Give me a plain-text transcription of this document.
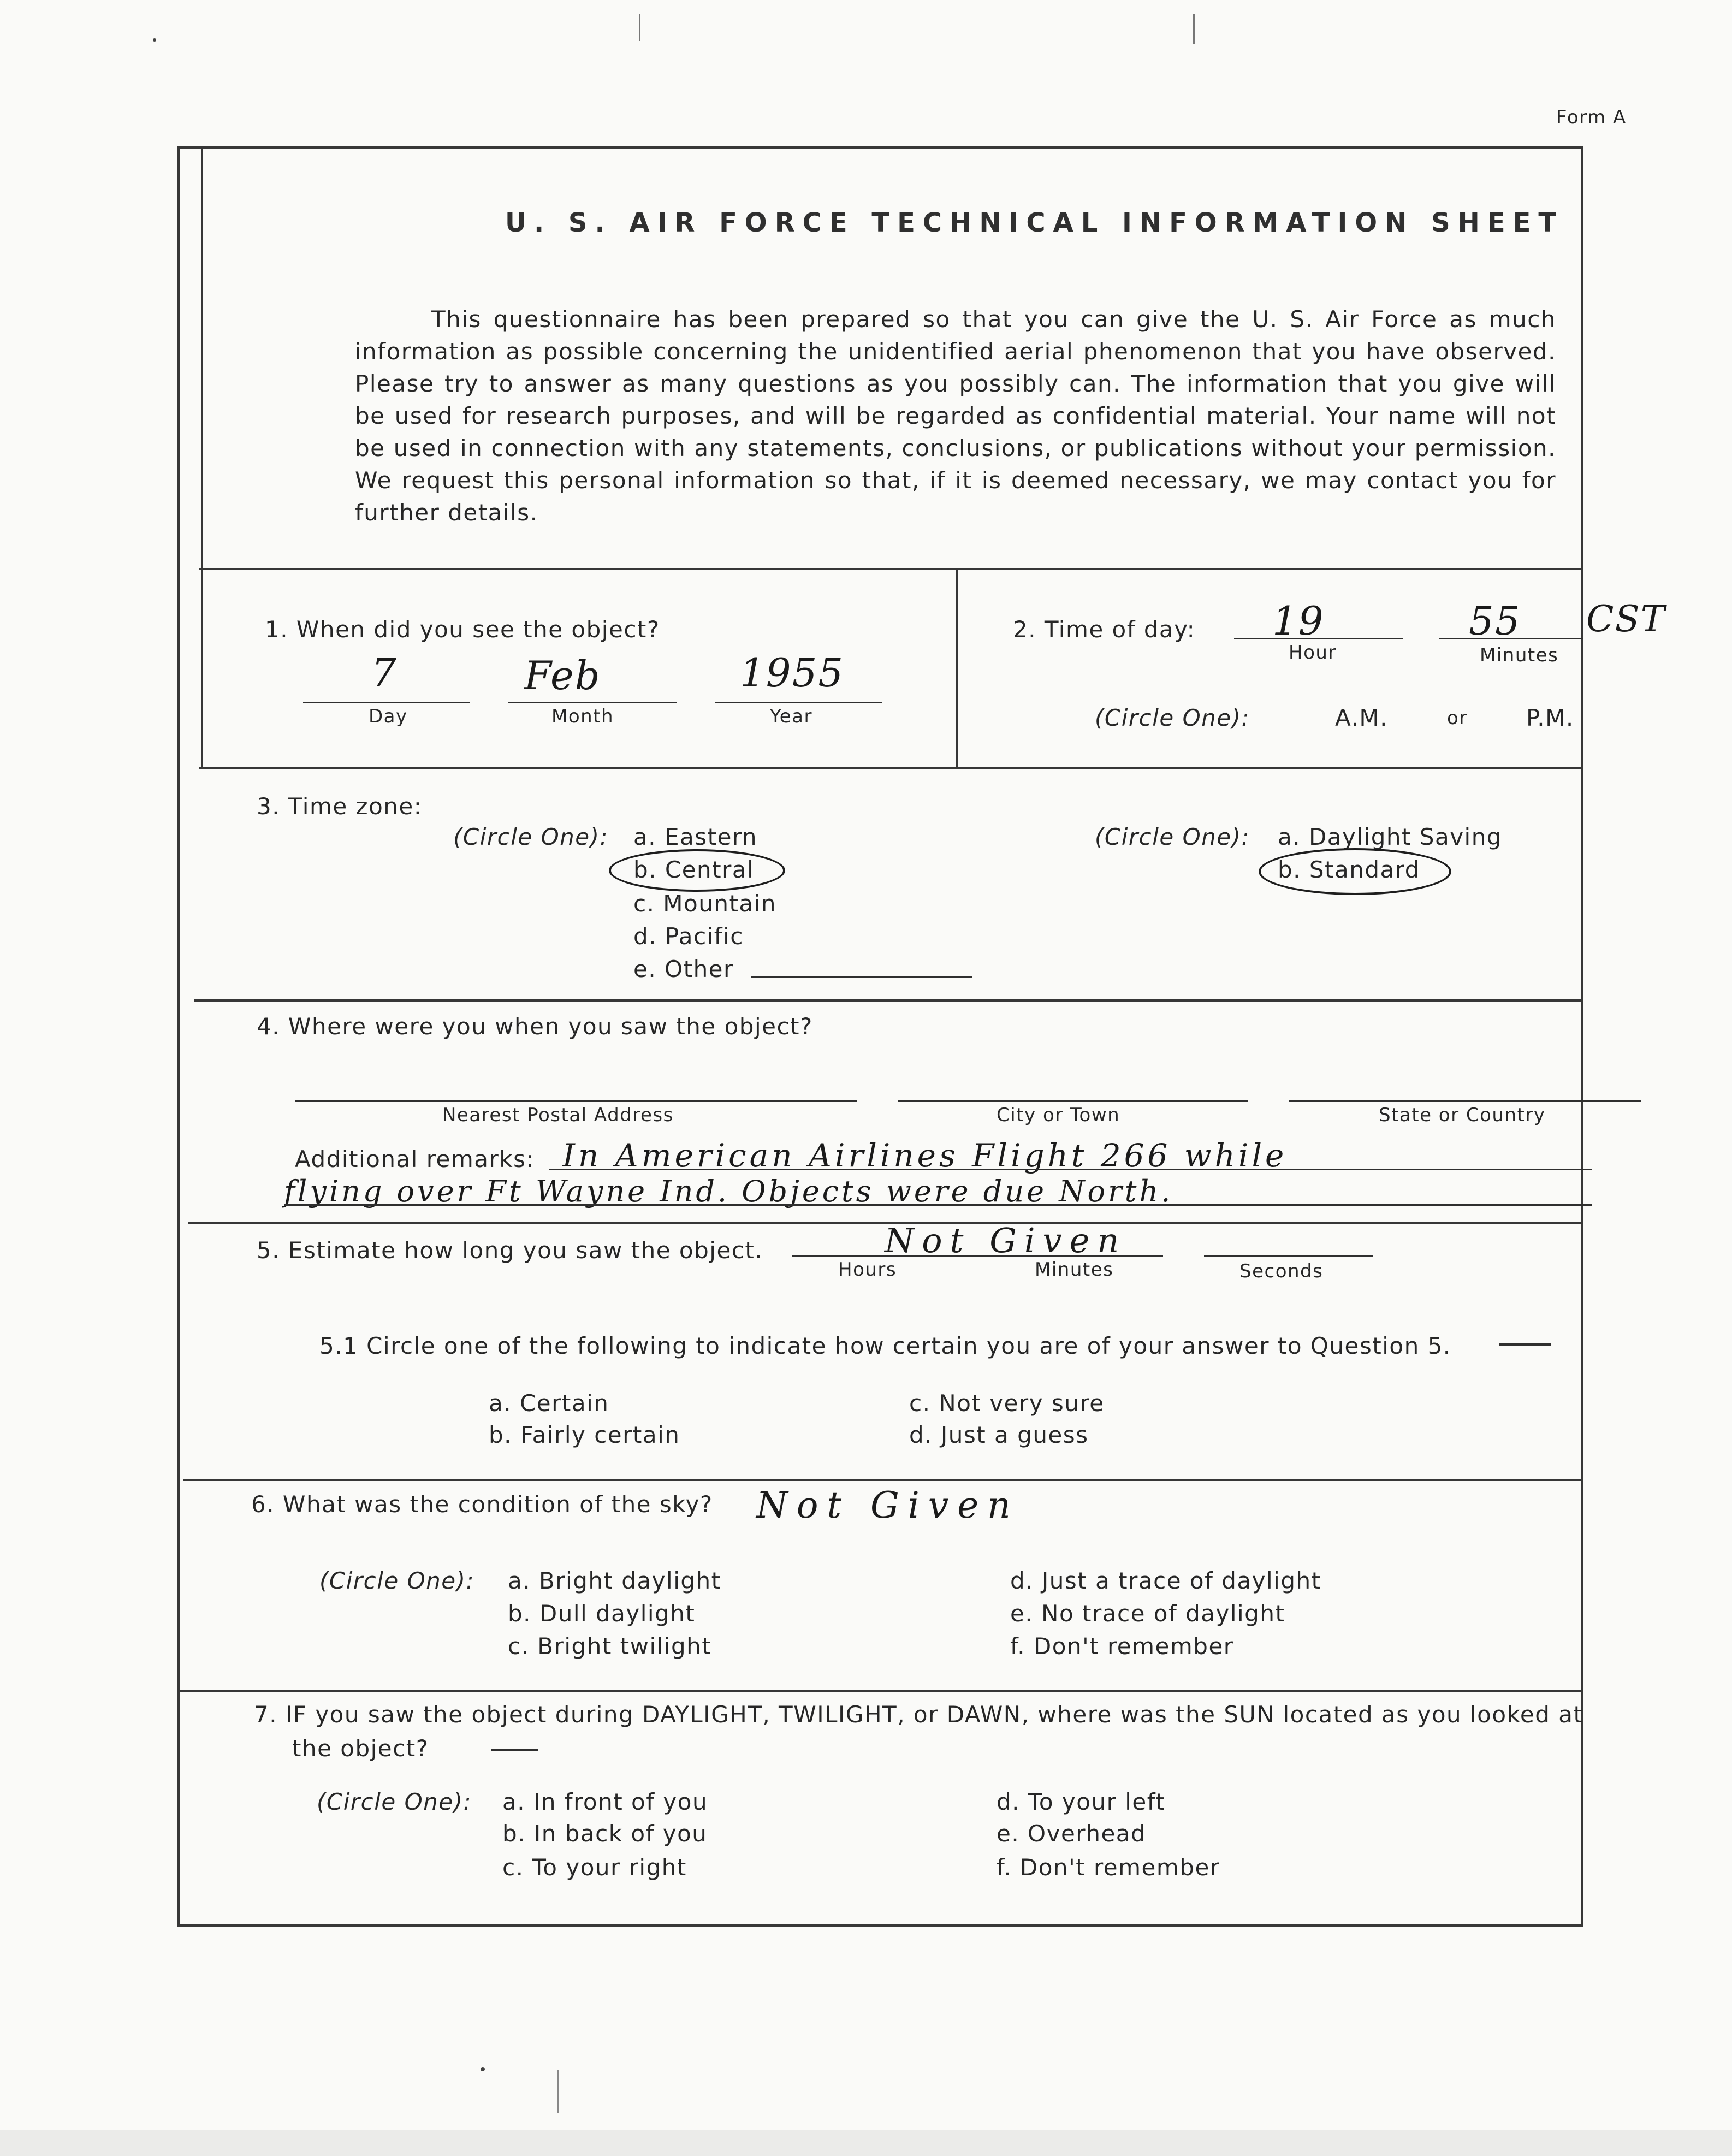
Form A
U. S. AIR FORCE TECHNICAL INFORMATION SHEET
This questionnaire has been prepared so that you can give the U. S. Air Force as much information as possible concerning the unidentified aerial phenomenon that you have observed. Please try to answer as many questions as you possibly can. The information that you give will be used for research purposes, and will be regarded as confidential material. Your name will not be used in connection with any statements, conclusions, or publications without your permission. We request this personal information so that, if it is deemed necessary, we may contact you for further details.
1. When did you see the object?
7	Feb	1955
Day	Month	Year
2. Time of day: 19	55 CST
Hour	Minutes
(Circle One):	A.M.	or	P.M.
3. Time zone:
(Circle One): a. Eastern
b. Central
c. Mountain
d. Pacific
e. Other
(Circle One): a. Daylight Saving
b. Standard
4. Where were you when you saw the object?
Nearest Postal Address	City or Town	State or Country
Additional remarks: In American Airlines Flight 266 while
flying over Ft Wayne Ind. Objects were due North.
5. Estimate how long you saw the object.	Not Given
Hours	Minutes	Seconds
5.1 Circle one of the following to indicate how certain you are of your answer to Question 5.
a. Certain
b. Fairly certain
c. Not very sure
d. Just a guess
6. What was the condition of the sky? Not Given
(Circle One): a. Bright daylight
b. Dull daylight
c. Bright twilight
d. Just a trace of daylight
e. No trace of daylight
f. Don't remember
7. IF you saw the object during DAYLIGHT, TWILIGHT, or DAWN, where was the SUN located as you looked at
the object?
(Circle One): a. In front of you
b. In back of you
c. To your right
d. To your left
e. Overhead
f. Don't remember
